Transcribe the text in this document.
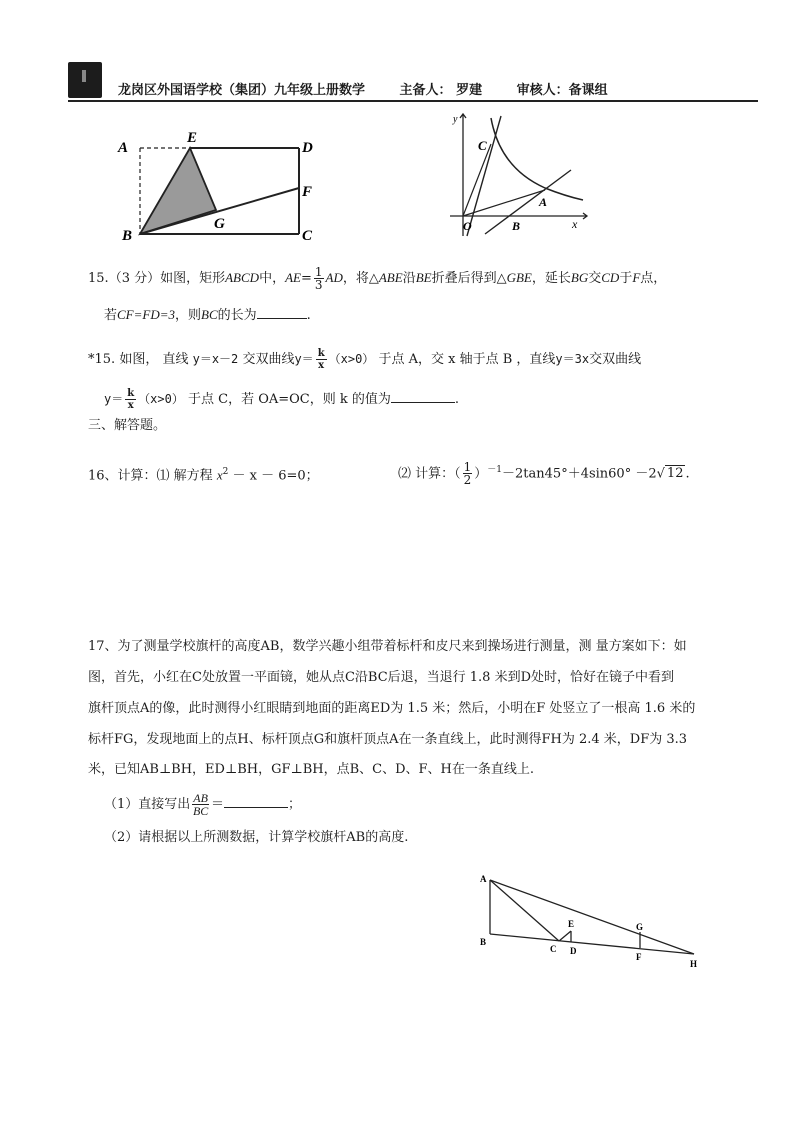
龙岗区外国语学校（集团）九年级上册数学	主备人： 罗建	审核人：备课组
A
E
D
F
G
B	C
y
C
A
O	B	x
15.（3 分）如图，矩形ABCD中，$AE= \frac{1}{3}$ AD，将△ABE沿BE折叠后得到△GBE，延长BG交CD于F点，
若CF=FD=3，则BC的长为	.
*15. 如图， 直线 y＝x－2 交双曲线$y= \frac{k}{x} (x>0)$ 于点 A，交 x 轴于点 B ，直线y＝3x交双曲线
$y= \frac{k}{x} (x>0)$ 于点 C，若 OA=OC，则 k 的值为	.
三、解答题。
16、计算：⑴ 解方程 $x^2 - x - 6=0$；	⑵ 计算：（ $\frac{1}{2} )^{-1}-2\tan 45^\circ+4\sin 60^\circ -2√$ 12 .
17、为了测量学校旗杆的高度AB，数学兴趣小组带着标杆和皮尺来到操场进行测量，测 量方案如下：如
图，首先，小红在C处放置一平面镜，她从点C沿BC后退，当退行 1.8 米到D处时，恰好在镜子中看到
旗杆顶点A的像，此时测得小红眼睛到地面的距离ED为 1.5 米；然后，小明在F 处竖立了一根高 1.6 米的
标杆FG，发现地面上的点H、标杆顶点G和旗杆顶点A在一条直线上，此时测得FH为 2.4 米，DF为 3.3
米，已知AB⊥BH，ED⊥BH，GF⊥BH，点B、C、D、F、H在一条直线上.
（1）直接写出 $\frac{AB}{BC}$ ＝	；
（2）请根据以上所测数据，计算学校旗杆AB的高度.
A
B
C D
E	G
F
H
